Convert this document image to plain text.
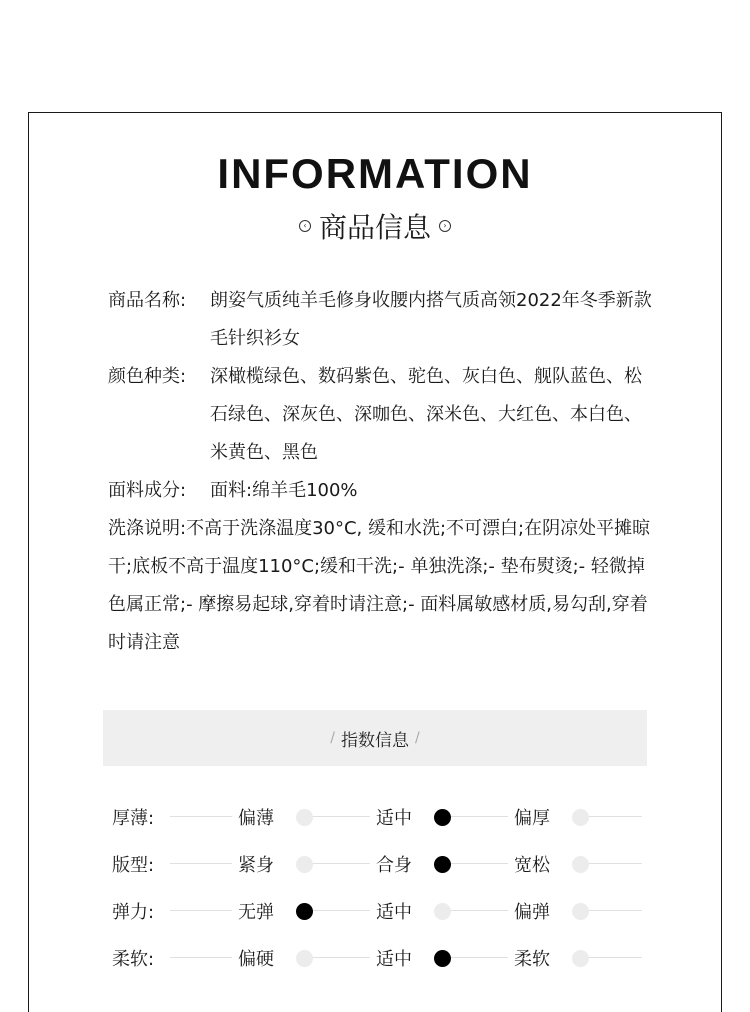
INFORMATION
‹ 商品信息	›
商品名称:	朗姿气质纯羊毛修身收腰内搭气质高领2022年冬季新款毛针织衫女
颜色种类:	深橄榄绿色、数码紫色、驼色、灰白色、舰队蓝色、松石绿色、深灰色、深咖色、深米色、大红色、本白色、米黄色、黑色
面料成分:	面料:绵羊毛100%
洗涤说明:不高于洗涤温度30°C, 缓和水洗;不可漂白;在阴凉处平摊晾干;底板不高于温度110°C;缓和干洗;- 单独洗涤;- 垫布熨烫;- 轻微掉色属正常;- 摩擦易起球,穿着时请注意;- 面料属敏感材质,易勾刮,穿着时请注意
/ 指数信息 /
厚薄:	偏薄	适中	偏厚
版型:	紧身	合身	宽松
弹力:	无弹	适中	偏弹
柔软:	偏硬	适中	柔软
